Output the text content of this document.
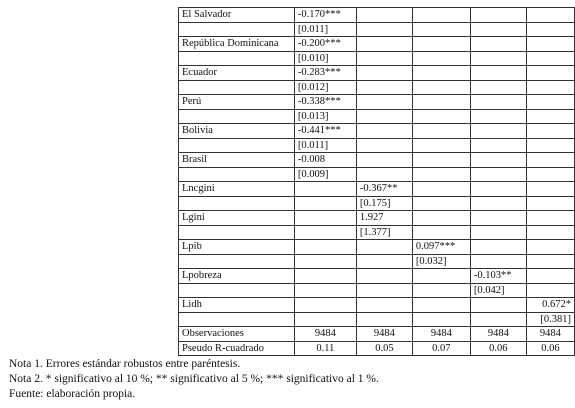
El Salvador	-0.170***				
	[0.011]				
República Dominicana	-0.200***				
	[0.010]				
Ecuador	-0.283***				
	[0.012]				
Perú	-0.338***				
	[0.013]				
Bolivia	-0.441***				
	[0.011]				
Brasil	-0.008				
	[0.009]				
Lncgini		-0.367**			
		[0.175]			
Lgini		1.927			
		[1.377]			
Lpib			0.097***		
			[0.032]		
Lpobreza				-0.103**	
				[0.042]	
Lidh					0.672*
					[0.381]
Observaciones	9484	9484	9484	9484	9484
Pseudo R-cuadrado	0.11	0.05	0.07	0.06	0.06
Nota 1. Errores estándar robustos entre paréntesis.
Nota 2. * significativo al 10 %; ** significativo al 5 %; *** significativo al 1 %.
Fuente: elaboración propia.
